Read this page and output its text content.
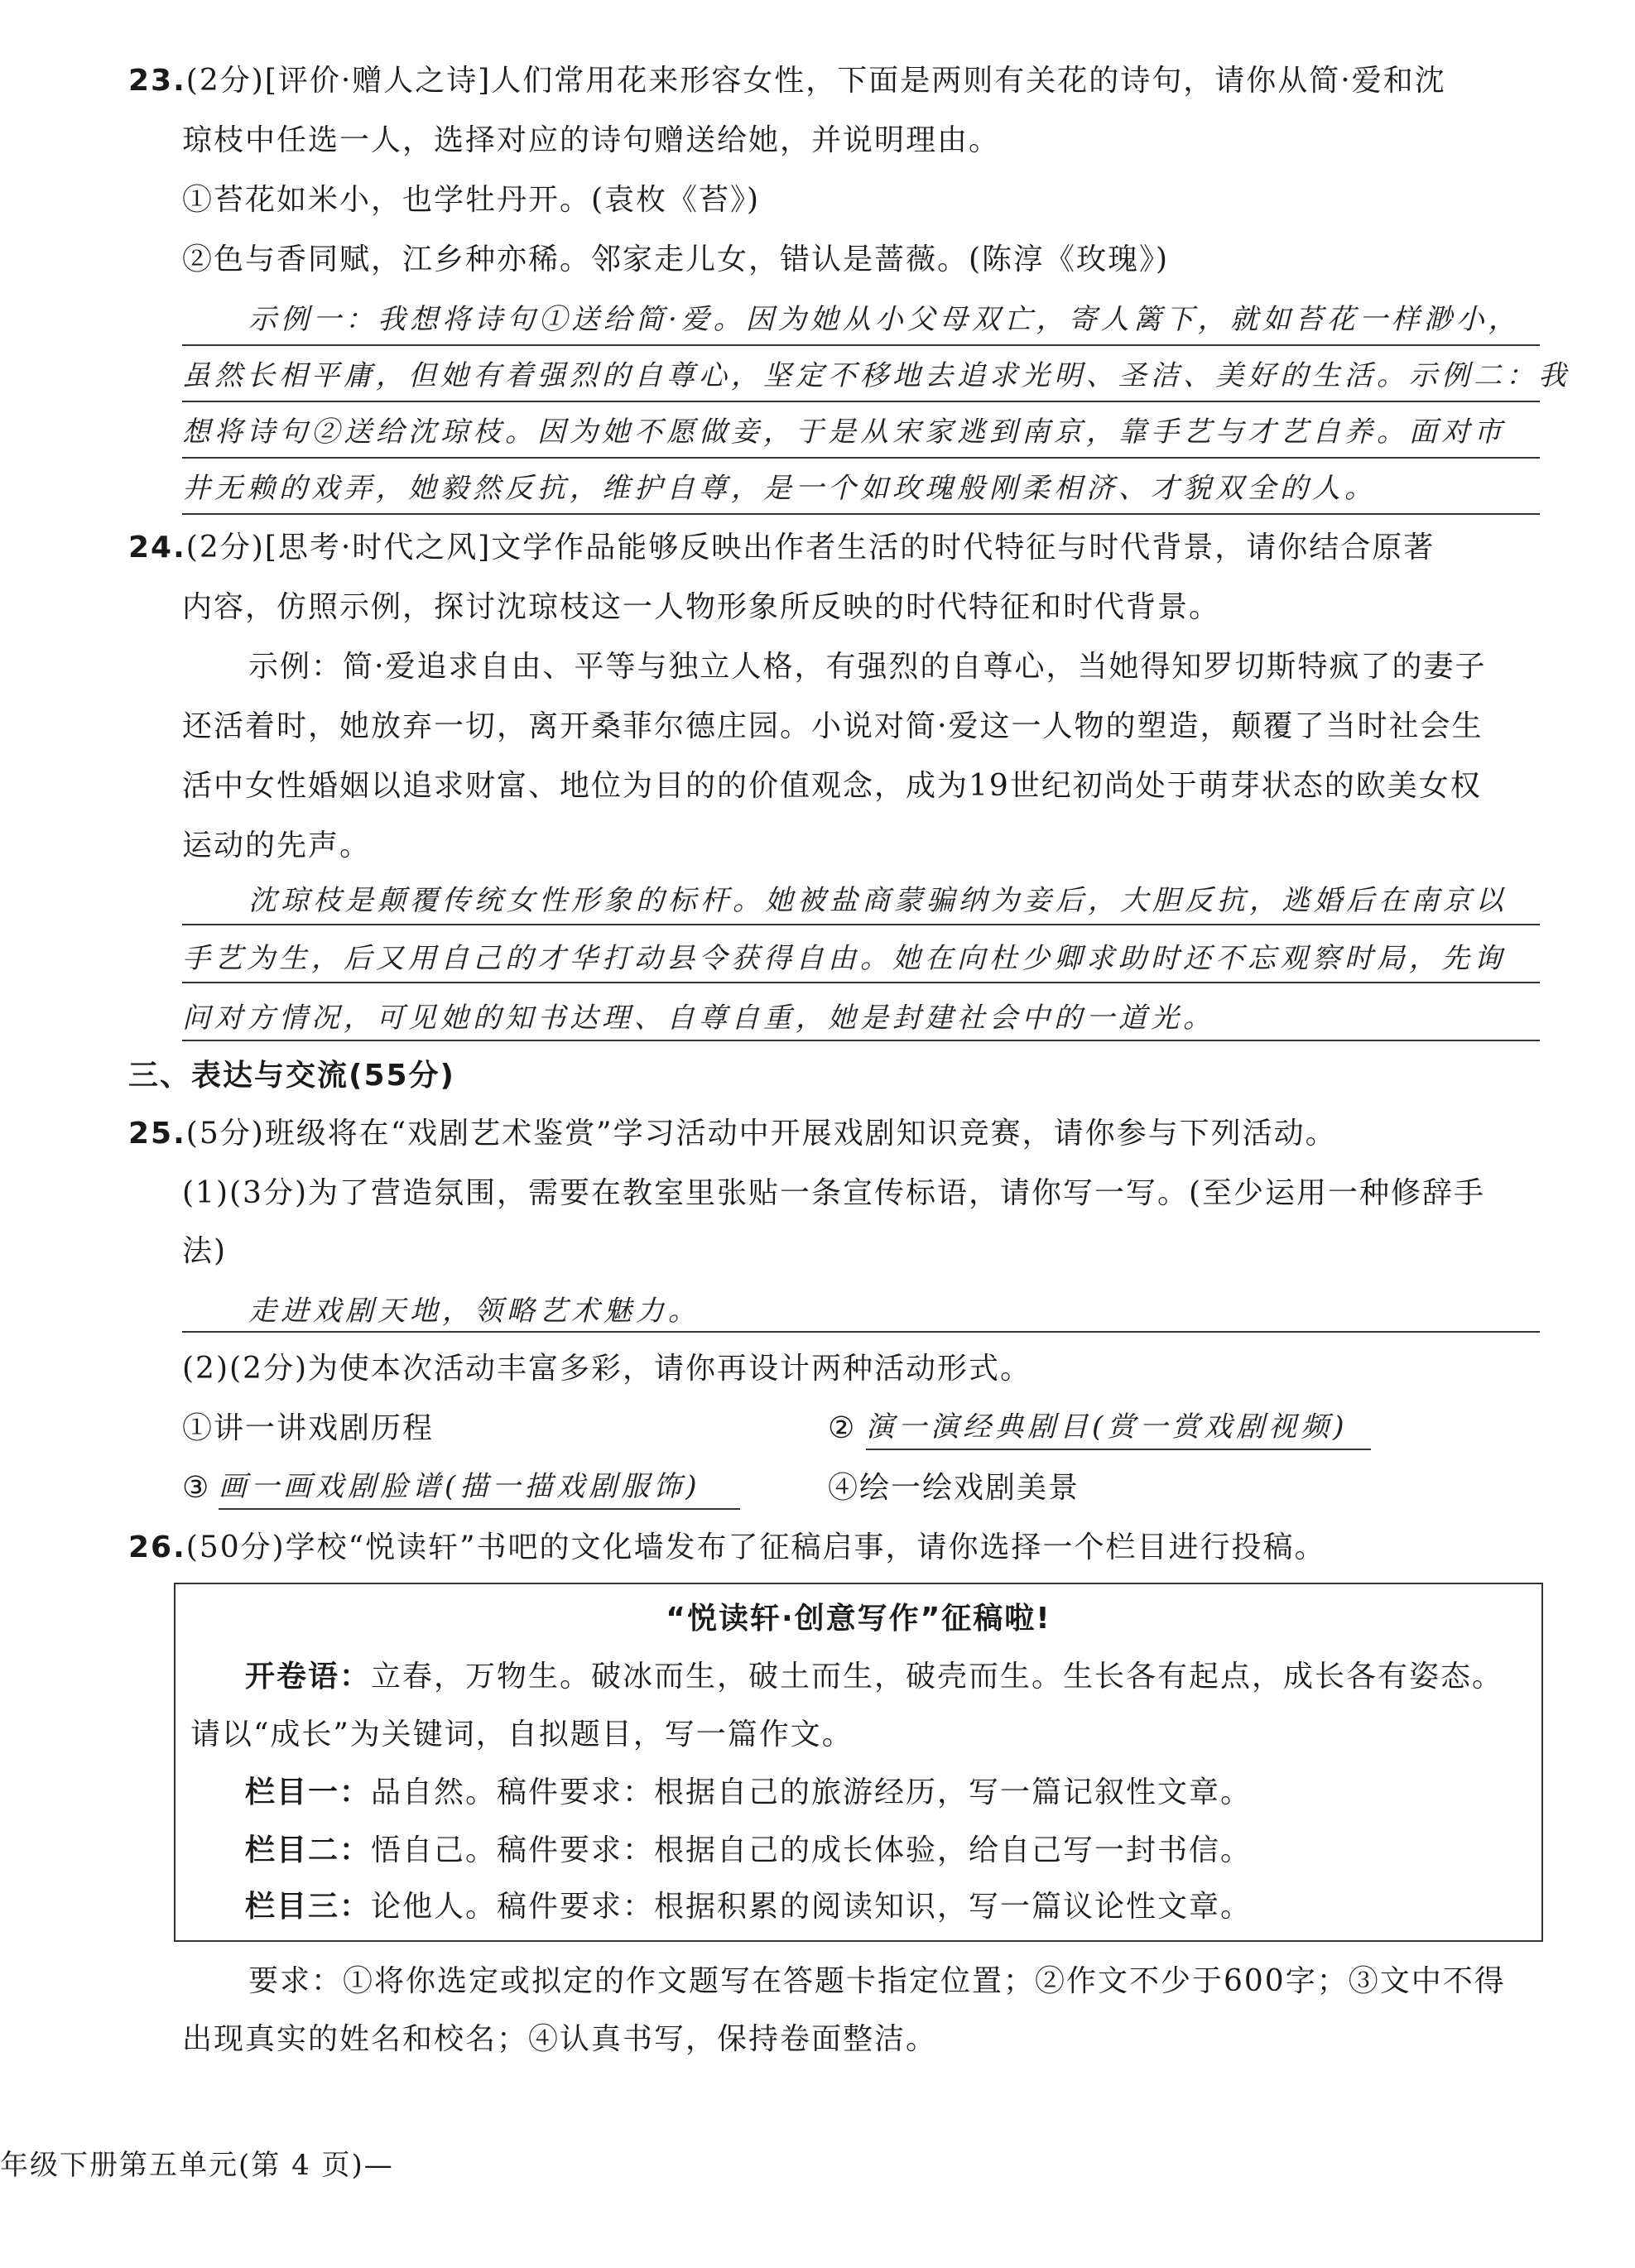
23.(2分)[评价·赠人之诗]人们常用花来形容女性，下面是两则有关花的诗句，请你从简·爱和沈
琼枝中任选一人，选择对应的诗句赠送给她，并说明理由。
①苔花如米小，也学牡丹开。(袁枚《苔》)
②色与香同赋，江乡种亦稀。邻家走儿女，错认是蔷薇。(陈淳《玫瑰》)
示例一：我想将诗句①送给简·爱。因为她从小父母双亡，寄人篱下，就如苔花一样渺小，
虽然长相平庸，但她有着强烈的自尊心，坚定不移地去追求光明、圣洁、美好的生活。示例二：我
想将诗句②送给沈琼枝。因为她不愿做妾，于是从宋家逃到南京，靠手艺与才艺自养。面对市
井无赖的戏弄，她毅然反抗，维护自尊，是一个如玫瑰般刚柔相济、才貌双全的人。
24.(2分)[思考·时代之风]文学作品能够反映出作者生活的时代特征与时代背景，请你结合原著
内容，仿照示例，探讨沈琼枝这一人物形象所反映的时代特征和时代背景。
示例：简·爱追求自由、平等与独立人格，有强烈的自尊心，当她得知罗切斯特疯了的妻子
还活着时，她放弃一切，离开桑菲尔德庄园。小说对简·爱这一人物的塑造，颠覆了当时社会生
活中女性婚姻以追求财富、地位为目的的价值观念，成为19世纪初尚处于萌芽状态的欧美女权
运动的先声。
沈琼枝是颠覆传统女性形象的标杆。她被盐商蒙骗纳为妾后，大胆反抗，逃婚后在南京以
手艺为生，后又用自己的才华打动县令获得自由。她在向杜少卿求助时还不忘观察时局，先询
问对方情况，可见她的知书达理、自尊自重，她是封建社会中的一道光。
三、表达与交流(55分)
25.(5分)班级将在“戏剧艺术鉴赏”学习活动中开展戏剧知识竞赛，请你参与下列活动。
(1)(3分)为了营造氛围，需要在教室里张贴一条宣传标语，请你写一写。(至少运用一种修辞手
法)
走进戏剧天地，领略艺术魅力。
(2)(2分)为使本次活动丰富多彩，请你再设计两种活动形式。
①讲一讲戏剧历程	② 演一演经典剧目(赏一赏戏剧视频)
③ 画一画戏剧脸谱(描一描戏剧服饰)	④绘一绘戏剧美景
26.(50分)学校“悦读轩”书吧的文化墙发布了征稿启事，请你选择一个栏目进行投稿。
“悦读轩·创意写作”征稿啦!
开卷语：立春，万物生。破冰而生，破土而生，破壳而生。生长各有起点，成长各有姿态。
请以“成长”为关键词，自拟题目，写一篇作文。
栏目一：品自然。稿件要求：根据自己的旅游经历，写一篇记叙性文章。
栏目二：悟自己。稿件要求：根据自己的成长体验，给自己写一封书信。
栏目三：论他人。稿件要求：根据积累的阅读知识，写一篇议论性文章。
要求：①将你选定或拟定的作文题写在答题卡指定位置；②作文不少于600字；③文中不得
出现真实的姓名和校名；④认真书写，保持卷面整洁。
年级下册第五单元(第 4 页)—
